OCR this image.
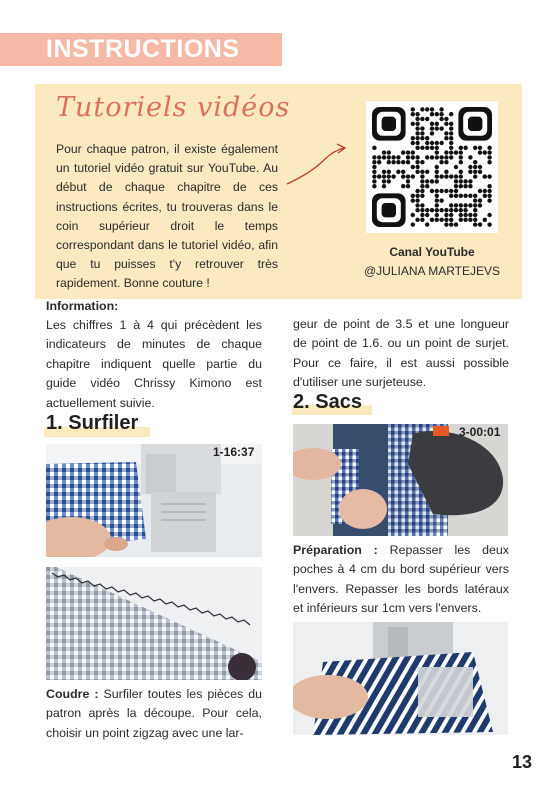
INSTRUCTIONS
Tutoriels vidéos
Pour chaque patron, il existe également un tutoriel vidéo gratuit sur YouTube. Au début de chaque chapitre de ces instructions écrites, tu trouveras dans le coin supérieur droit le temps correspondant dans le tutoriel vidéo, afin que tu puisses t'y retrouver très rapidement. Bonne couture !
Canal YouTube
@JULIANA MARTEJEVS
Information:
Les chiffres 1 à 4 qui précèdent les indicateurs de minutes de chaque chapitre indiquent quelle partie du guide vidéo Chrissy Kimono est actuellement suivie.
geur de point de 3.5 et une longueur de point de 1.6. ou un point de surjet. Pour ce faire, il est aussi possible d'utiliser une surjeteuse.
1. Surfiler
1-16:37
Coudre : Surfiler toutes les pièces du patron après la découpe. Pour cela, choisir un point zigzag avec une lar-
2. Sacs
3-00:01
Préparation : Repasser les deux poches à 4 cm du bord supérieur vers l'envers. Repasser les bords latéraux et inférieurs sur 1cm vers l'envers.
13
